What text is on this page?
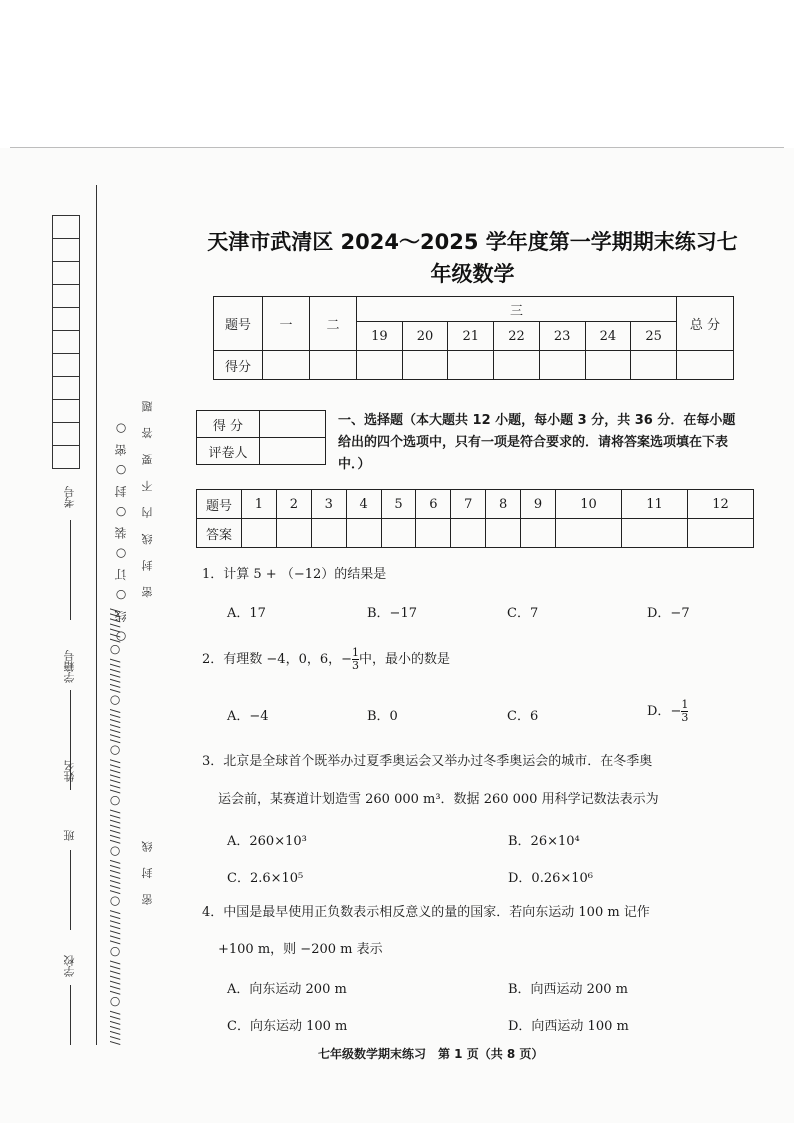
///////○///////○///////○///////○///////○///////○///////○///////○///////
○ 线 ○ 订 ○ 装 ○ 封 ○ 密 ○ 密 封 线 内 不 要 答 题
密 封 线
考号
学籍号
姓名
班
学校
天津市武清区 2024～2025 学年度第一学期期末练习七年级数学
题号	一	二	三							总 分
			19	20	21	22	23	24	25	
得分										
得 分	
评卷人	
一、选择题（本大题共 12 小题，每小题 3 分，共 36 分．在每小题给出的四个选项中，只有一项是符合要求的．请将答案选项填在下表中．）
题号	1	2	3	4	5	6	7	8	9	10	11	12
答案												
1．计算 5 + （−12）的结果是
A．17	B．−17	C．7	D．−7
2．有理数 −4，0，6，− $\frac{1}{3}$ 中，最小的数是
A．−4	B．0	C．6	D．− $\frac{1}{3}$
3．北京是全球首个既举办过夏季奥运会又举办过冬季奥运会的城市．在冬季奥
运会前，某赛道计划造雪 260 000 m³．数据 260 000 用科学记数法表示为
A．260×10³	B．26×10⁴
C．2.6×10⁵	D．0.26×10⁶
4．中国是最早使用正负数表示相反意义的量的国家．若向东运动 100 m 记作
+100 m，则 −200 m 表示
A．向东运动 200 m	B．向西运动 200 m
C．向东运动 100 m	D．向西运动 100 m
七年级数学期末练习　第 1 页（共 8 页）
